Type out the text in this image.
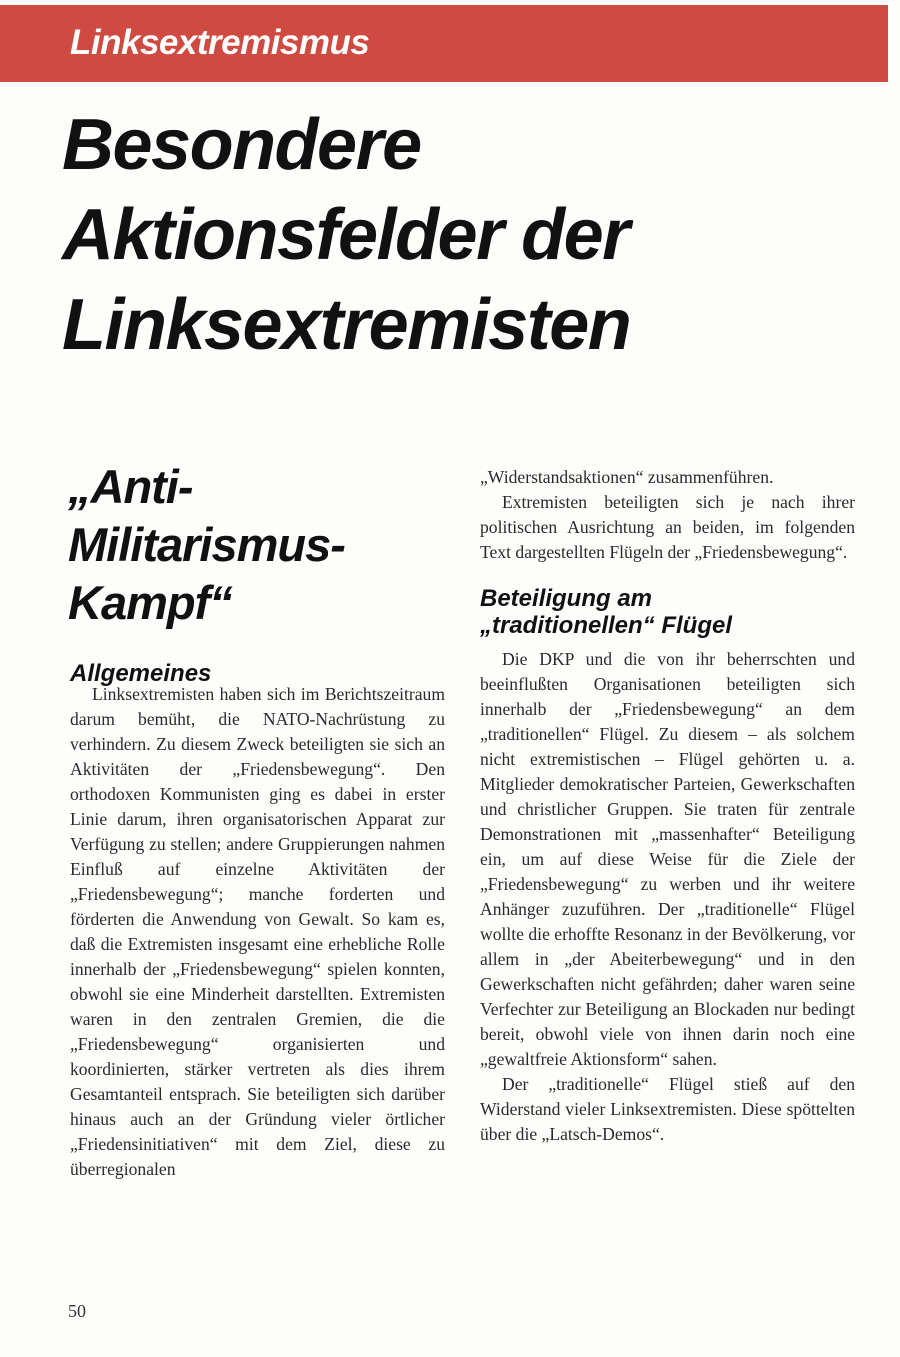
Linksextremismus
Besondere
Aktionsfelder der
Linksextremisten
„Anti-
Militarismus-
Kampf“
Allgemeines

Linksextremisten haben sich im Berichtszeitraum darum bemüht, die NATO-Nachrüstung zu verhindern. Zu diesem Zweck beteiligten sie sich an Aktivitäten der „Friedensbewegung“. Den orthodoxen Kommunisten ging es dabei in erster Linie darum, ihren organisatorischen Apparat zur Verfügung zu stellen; andere Gruppierungen nahmen Einfluß auf einzelne Aktivitäten der „Friedensbewegung“; manche forderten und förderten die Anwendung von Gewalt. So kam es, daß die Extremisten insgesamt eine erhebliche Rolle innerhalb der „Friedensbewegung“ spielen konnten, obwohl sie eine Minderheit darstellten. Extremisten waren in den zentralen Gremien, die die „Friedensbewegung“ organisierten und koordinierten, stärker vertreten als dies ihrem Gesamtanteil entsprach. Sie beteiligten sich darüber hinaus auch an der Gründung vieler örtlicher „Friedensinitiativen“ mit dem Ziel, diese zu überregionalen

„Widerstandsaktionen“ zusammenführen.

Extremisten beteiligten sich je nach ihrer politischen Ausrichtung an beiden, im folgenden Text dargestellten Flügeln der „Friedensbewegung“.

Beteiligung am
„traditionellen“ Flügel

Die DKP und die von ihr beherrschten und beeinflußten Organisationen beteiligten sich innerhalb der „Friedensbewegung“ an dem „traditionellen“ Flügel. Zu diesem – als solchem nicht extremistischen – Flügel gehörten u. a. Mitglieder demokratischer Parteien, Gewerkschaften und christlicher Gruppen. Sie traten für zentrale Demonstrationen mit „massenhafter“ Beteiligung ein, um auf diese Weise für die Ziele der „Friedensbewegung“ zu werben und ihr weitere Anhänger zuzuführen. Der „traditionelle“ Flügel wollte die erhoffte Resonanz in der Bevölkerung, vor allem in „der Abeiterbewegung“ und in den Gewerkschaften nicht gefährden; daher waren seine Verfechter zur Beteiligung an Blockaden nur bedingt bereit, obwohl viele von ihnen darin noch eine „gewaltfreie Aktionsform“ sahen.

Der „traditionelle“ Flügel stieß auf den Widerstand vieler Linksextremisten. Diese spöttelten über die „Latsch-Demos“.

50
